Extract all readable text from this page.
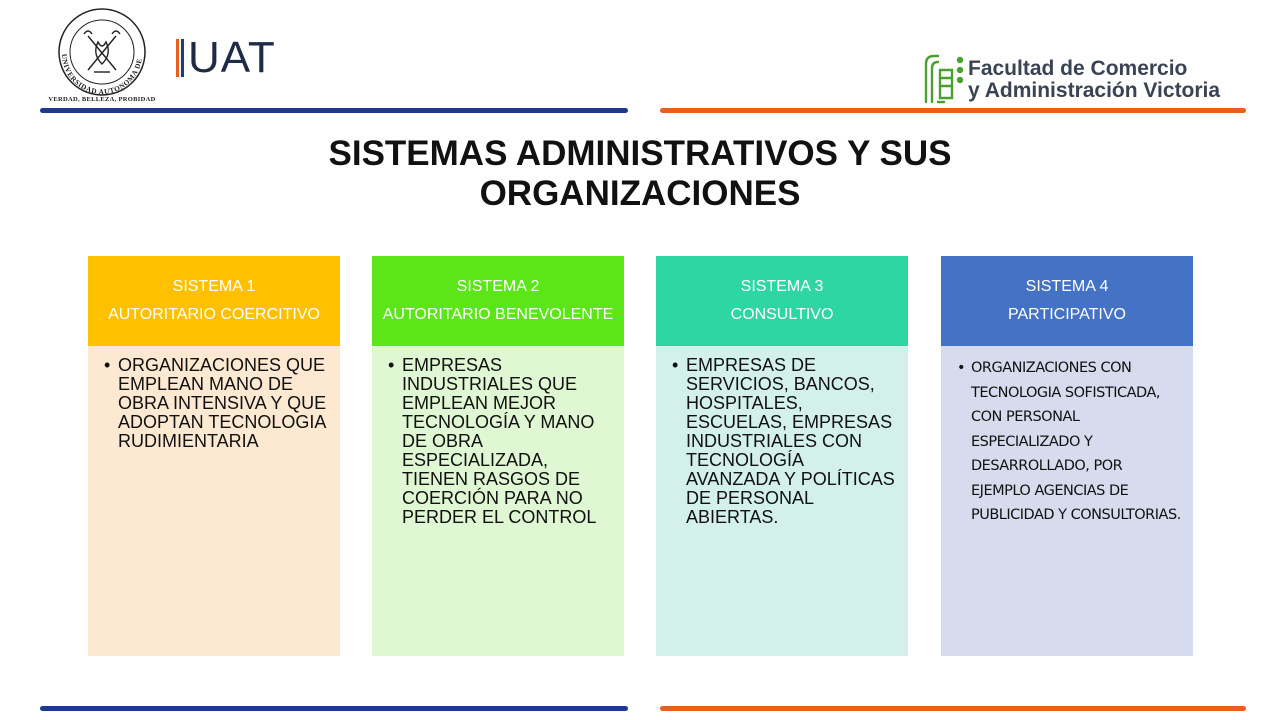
UNIVERSIDAD AUTONOMA DE
VERDAD, BELLEZA, PROBIDAD
UAT	Facultad de Comercio
y Administración Victoria
SISTEMAS ADMINISTRATIVOS Y SUS ORGANIZACIONES
SISTEMA 1
AUTORITARIO COERCITIVO
• ORGANIZACIONES QUE EMPLEAN MANO DE OBRA INTENSIVA Y QUE ADOPTAN TECNOLOGIA RUDIMIENTARIA
SISTEMA 2
AUTORITARIO BENEVOLENTE
• EMPRESAS INDUSTRIALES QUE EMPLEAN MEJOR TECNOLOGÍA Y MANO DE OBRA ESPECIALIZADA, TIENEN RASGOS DE COERCIÓN PARA NO PERDER EL CONTROL
SISTEMA 3
CONSULTIVO
• EMPRESAS DE SERVICIOS, BANCOS, HOSPITALES, ESCUELAS, EMPRESAS INDUSTRIALES CON TECNOLOGÍA AVANZADA Y POLÍTICAS DE PERSONAL ABIERTAS.
SISTEMA 4
PARTICIPATIVO
• ORGANIZACIONES CON TECNOLOGIA SOFISTICADA, CON PERSONAL ESPECIALIZADO Y DESARROLLADO, POR EJEMPLO AGENCIAS DE PUBLICIDAD Y CONSULTORIAS.
